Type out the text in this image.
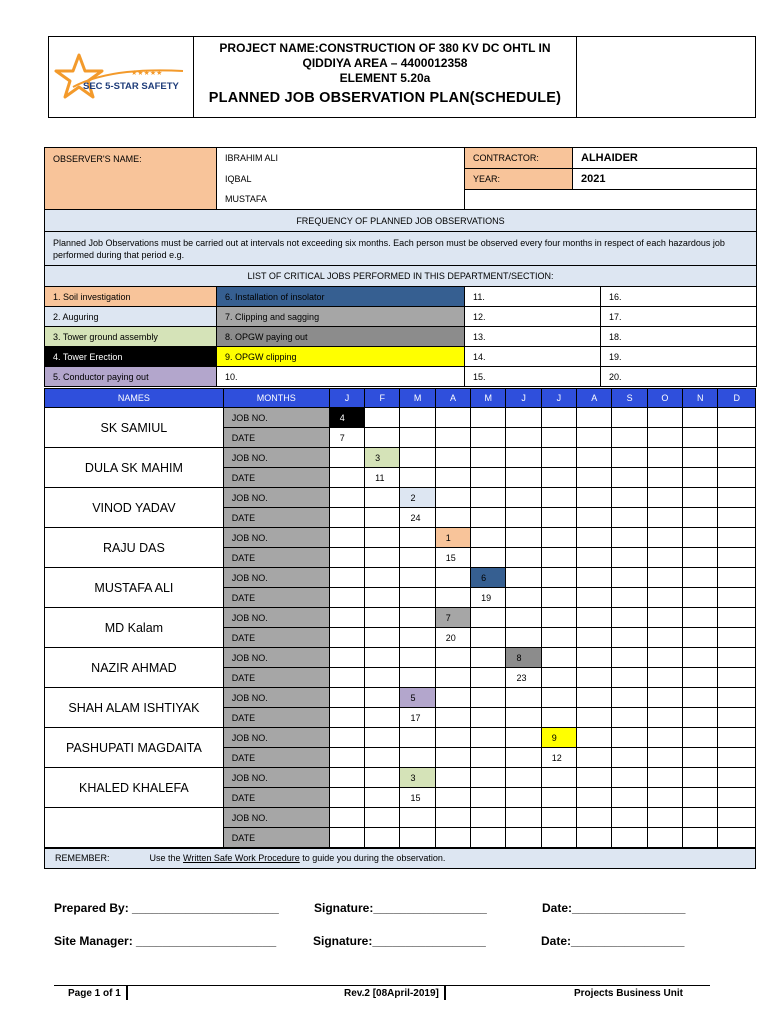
★★★★★
SEC 5-STAR SAFETY
PROJECT NAME:CONSTRUCTION OF 380 KV DC OHTL IN
QIDDIYA AREA – 4400012358
ELEMENT 5.20a
PLANNED JOB OBSERVATION PLAN(SCHEDULE)
OBSERVER'S NAME:	IBRAHIM ALI	CONTRACTOR:	ALHAIDER	
	IQBAL	YEAR:	2021	
	MUSTAFA			
FREQUENCY OF PLANNED JOB OBSERVATIONS				
Planned Job Observations must be carried out at intervals not exceeding six months. Each person must be observed every four months in respect of each hazardous job performed during that period e.g.				
LIST OF CRITICAL JOBS PERFORMED IN THIS DEPARTMENT/SECTION:				
1. Soil investigation	6. Installation of insolator	11.		16.
2. Auguring	7. Clipping and sagging	12.		17.
3. Tower ground assembly	8. OPGW paying out	13.		18.
4. Tower Erection	9. OPGW clipping	14.		19.
5. Conductor paying out	10.	15.		20.
NAMES	MONTHS	J	F	M	A	M	J	J	A	S	O	N	D
SK SAMIUL	JOB NO.	4											
	DATE	7											
DULA SK MAHIM	JOB NO.		3										
	DATE		11										
VINOD YADAV	JOB NO.			2									
	DATE			24									
RAJU DAS	JOB NO.				1								
	DATE				15								
MUSTAFA ALI	JOB NO.					6							
	DATE					19							
MD Kalam	JOB NO.				7								
	DATE				20								
NAZIR AHMAD	JOB NO.						8						
	DATE						23						
SHAH ALAM ISHTIYAK	JOB NO.			5									
	DATE			17									
PASHUPATI MAGDAITA	JOB NO.							9					
	DATE							12					
KHALED KHALEFA	JOB NO.			3									
	DATE			15									
	JOB NO.												
	DATE												
REMEMBER:	Use the Written Safe Work Procedure to guide you during the observation.
Prepared By: ______________________	Signature:_________________	Date:_________________
Site Manager: _____________________	Signature:_________________	Date:_________________
Page 1 of 1	Rev.2 [08April-2019]	Projects Business Unit
